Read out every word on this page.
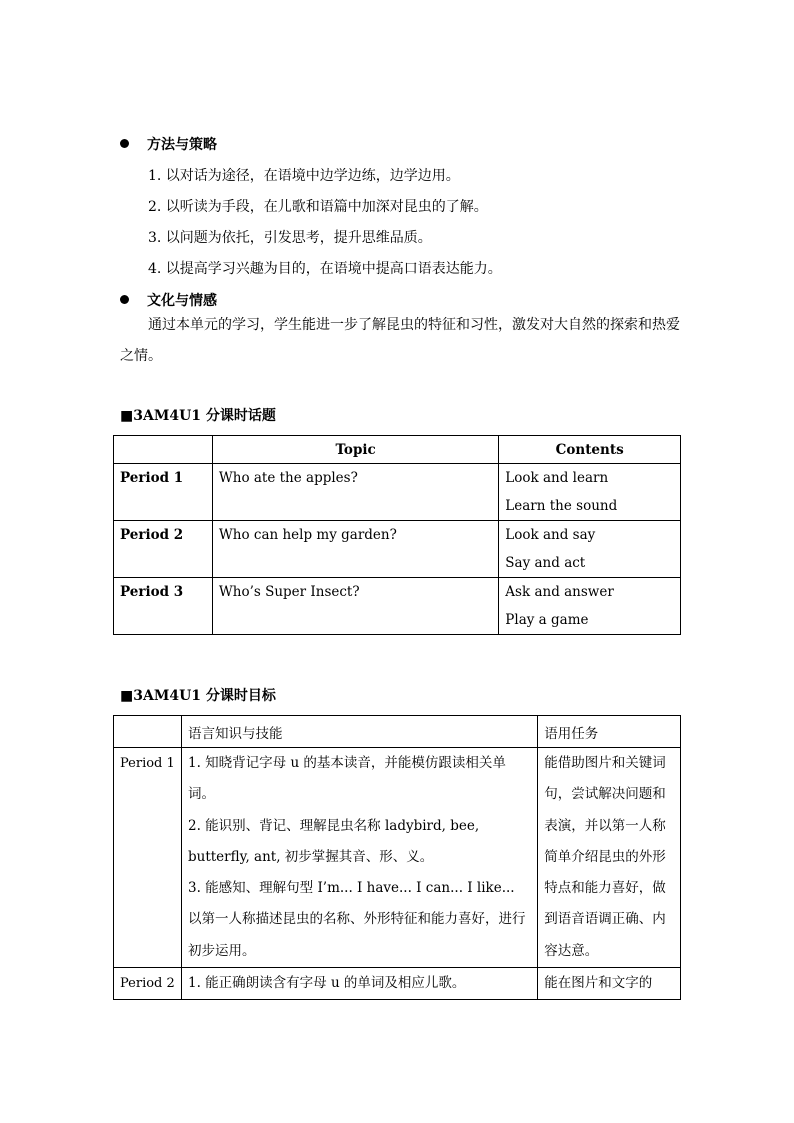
方法与策略
1. 以对话为途径，在语境中边学边练，边学边用。
2. 以听读为手段，在儿歌和语篇中加深对昆虫的了解。
3. 以问题为依托，引发思考，提升思维品质。
4. 以提高学习兴趣为目的，在语境中提高口语表达能力。
文化与情感
通过本单元的学习，学生能进一步了解昆虫的特征和习性，激发对大自然的探索和热爱之情。
■3AM4U1 分课时话题
	Topic	Contents
Period 1	Who ate the apples?	Look and learn
Learn the sound

Period 2	Who can help my garden?	Look and say
Say and act

Period 3	Who’s Super Insect?	Ask and answer
Play a game
■3AM4U1 分课时目标
	语言知识与技能	语用任务
Period 1	1. 知晓背记字母 u 的基本读音，并能模仿跟读相关单词。
2. 能识别、背记、理解昆虫名称 ladybird, bee, butterfly, ant, 初步掌握其音、形、义。
3. 能感知、理解句型 I’m... I have... I can... I like... 以第一人称描述昆虫的名称、外形特征和能力喜好，进行初步运用。	能借助图片和关键词句，尝试解决问题和表演，并以第一人称简单介绍昆虫的外形特点和能力喜好，做到语音语调正确、内容达意。
Period 2	1. 能正确朗读含有字母 u 的单词及相应儿歌。	能在图片和文字的
